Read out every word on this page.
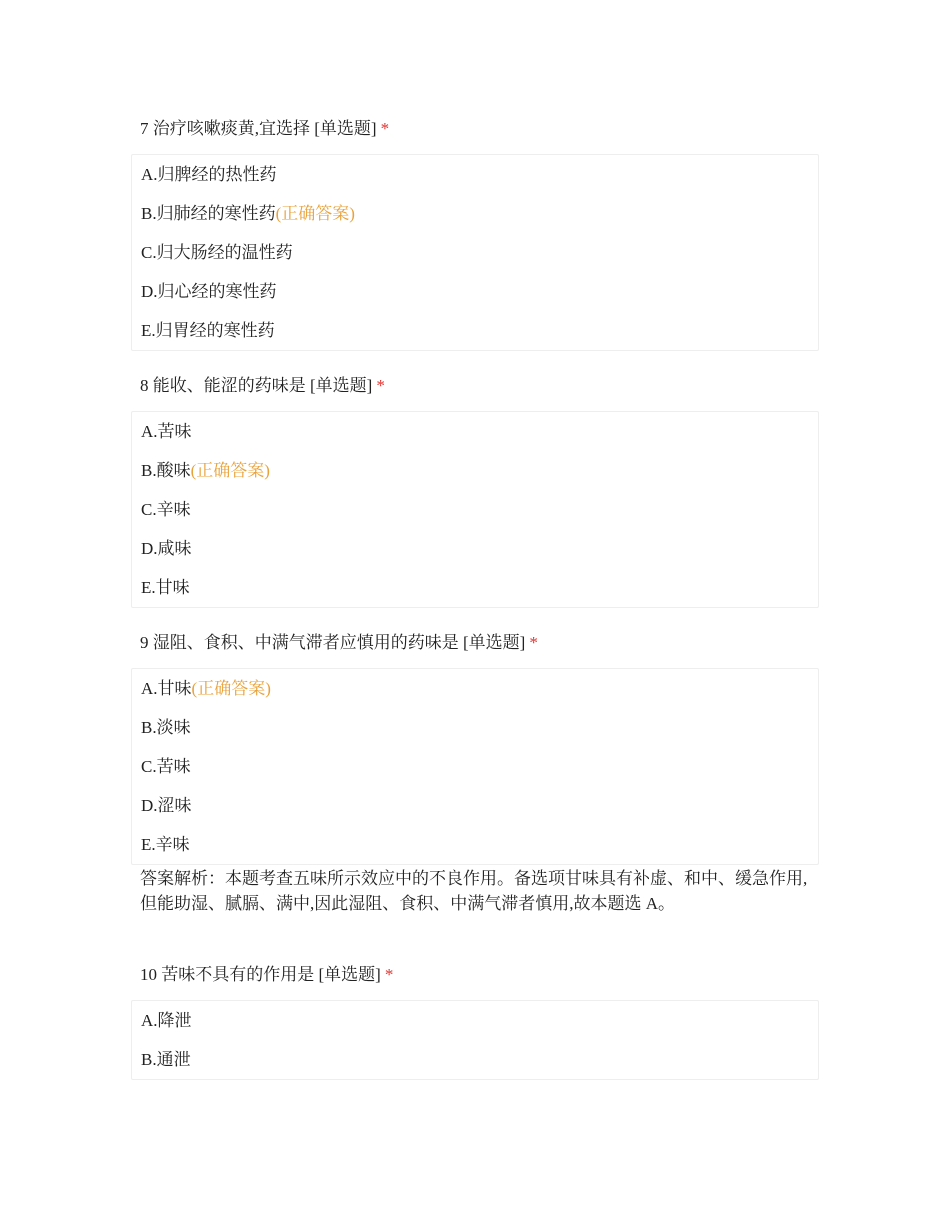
7 治疗咳嗽痰黄,宜选择 [单选题] *
A.归脾经的热性药
B.归肺经的寒性药(正确答案)
C.归大肠经的温性药
D.归心经的寒性药
E.归胃经的寒性药
8 能收、能涩的药味是 [单选题] *
A.苦味
B.酸味(正确答案)
C.辛味
D.咸味
E.甘味
9 湿阻、食积、中满气滞者应慎用的药味是 [单选题] *
A.甘味(正确答案)
B.淡味
C.苦味
D.涩味
E.辛味
答案解析：本题考查五味所示效应中的不良作用。备选项甘味具有补虚、和中、缓急作用,但能助湿、腻膈、满中,因此湿阻、食积、中满气滞者慎用,故本题选 A。
10 苦味不具有的作用是 [单选题] *
A.降泄
B.通泄
